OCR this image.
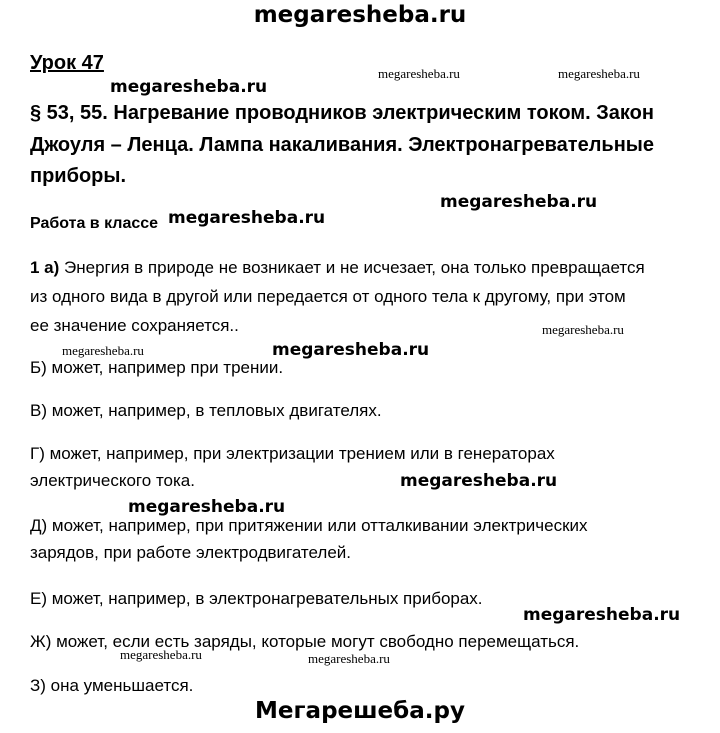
megaresheba.ru
Урок 47
§ 53, 55. Нагревание проводников электрическим током. Закон
Джоуля – Ленца. Лампа накаливания. Электронагревательные
приборы.
Работа в классе
1 а) Энергия в природе не возникает и не исчезает, она только превращается
из одного вида в другой или передается от одного тела к другому, при этом
ее значение сохраняется..
Б) может, например при трении.
В) может, например, в тепловых двигателях.
Г) может, например, при электризации трением или в генераторах
электрического тока.
Д) может, например, при притяжении или отталкивании электрических
зарядов, при работе электродвигателей.
Е) может, например, в электронагревательных приборах.
Ж) может, если есть заряды, которые могут свободно перемещаться.
З) она уменьшается.
megaresheba.ru
megaresheba.ru	megaresheba.ru
megaresheba.ru
megaresheba.ru
megaresheba.ru
megaresheba.ru	megaresheba.ru
megaresheba.ru
megaresheba.ru
megaresheba.ru
megaresheba.ru	megaresheba.ru
Мегарешеба.ру
